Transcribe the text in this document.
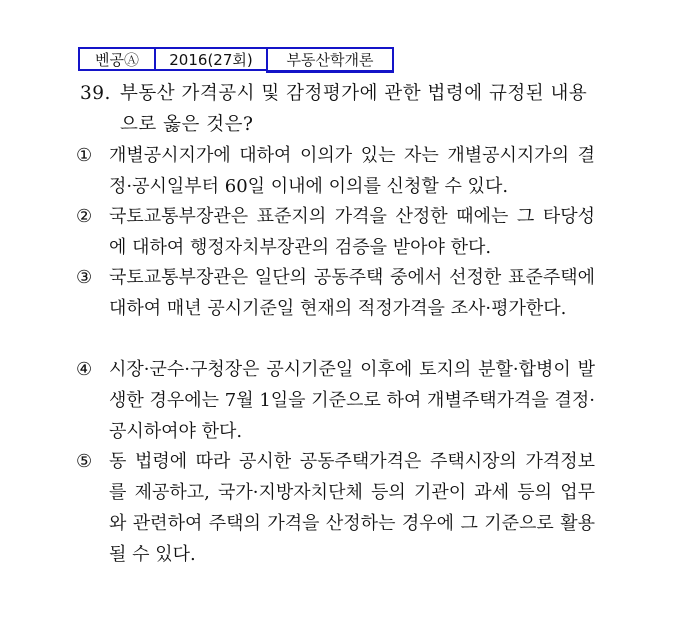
벤공Ⓐ	2016(27회)	부동산학개론
39. 부동산 가격공시 및 감정평가에 관한 법령에 규정된 내용으로 옳은 것은?
① 개별공시지가에 대하여 이의가 있는 자는 개별공시지가의 결정·공시일부터 60일 이내에 이의를 신청할 수 있다.
② 국토교통부장관은 표준지의 가격을 산정한 때에는 그 타당성에 대하여 행정자치부장관의 검증을 받아야 한다.
③ 국토교통부장관은 일단의 공동주택 중에서 선정한 표준주택에 대하여 매년 공시기준일 현재의 적정가격을 조사·평가한다.
④ 시장·군수·구청장은 공시기준일 이후에 토지의 분할·합병이 발생한 경우에는 7월 1일을 기준으로 하여 개별주택가격을 결정·공시하여야 한다.
⑤ 동 법령에 따라 공시한 공동주택가격은 주택시장의 가격정보를 제공하고, 국가·지방자치단체 등의 기관이 과세 등의 업무와 관련하여 주택의 가격을 산정하는 경우에 그 기준으로 활용될 수 있다.
